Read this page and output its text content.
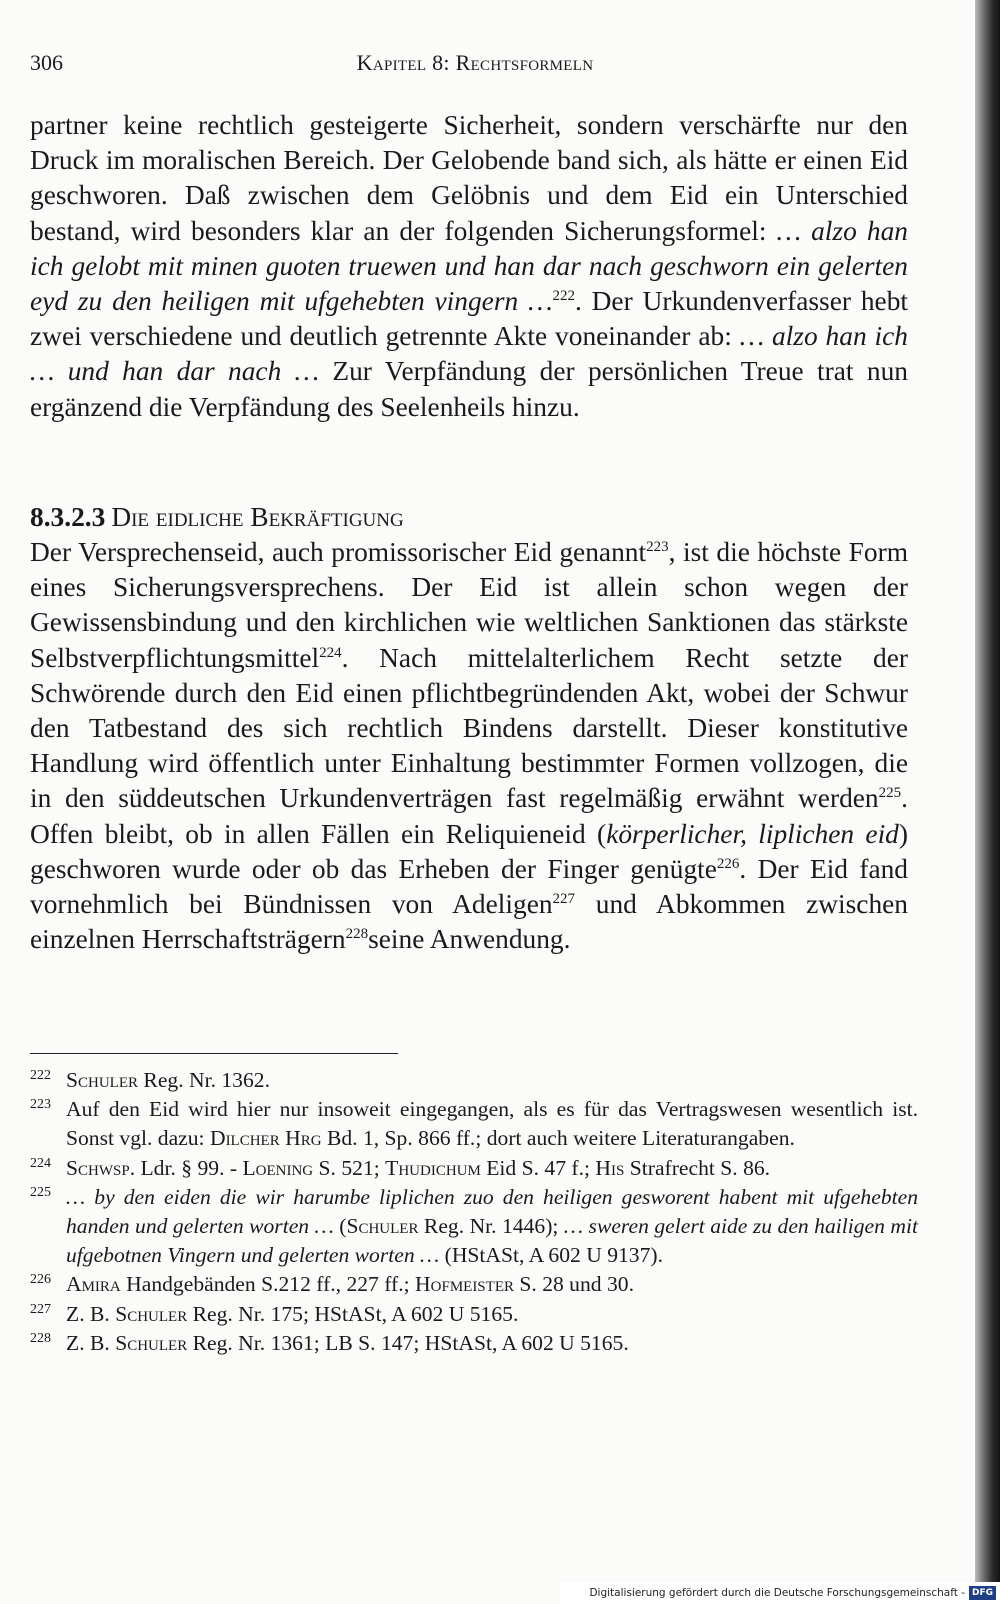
306	Kapitel 8: Rechtsformeln

partner keine rechtlich gesteigerte Sicherheit, sondern verschärfte nur den Druck im moralischen Bereich. Der Gelobende band sich, als hätte er einen Eid geschworen. Daß zwischen dem Gelöbnis und dem Eid ein Unterschied bestand, wird besonders klar an der folgenden Sicherungsformel: … alzo han ich gelobt mit minen guoten truewen und han dar nach geschworn ein gelerten eyd zu den heiligen mit ufgehebten vingern …$^{222}$. Der Urkundenverfasser hebt zwei verschiedene und deutlich getrennte Akte voneinander ab: … alzo han ich … und han dar nach … Zur Verpfändung der persönlichen Treue trat nun ergänzend die Verpfändung des Seelenheils hinzu.

8.3.2.3 Die eidliche Bekräftigung

Der Versprechenseid, auch promissorischer Eid genannt$^{223}$, ist die höchste Form eines Sicherungsversprechens. Der Eid ist allein schon wegen der Gewissensbindung und den kirchlichen wie weltlichen Sanktionen das stärkste Selbstverpflichtungsmittel$^{224}$. Nach mittelalterlichem Recht setzte der Schwörende durch den Eid einen pflichtbegründenden Akt, wobei der Schwur den Tatbestand des sich rechtlich Bindens darstellt. Dieser konstitutive Handlung wird öffentlich unter Einhaltung bestimmter Formen vollzogen, die in den süddeutschen Urkundenverträgen fast regelmäßig erwähnt werden$^{225}$. Offen bleibt, ob in allen Fällen ein Reliquieneid (körperlicher, liplichen eid) geschworen wurde oder ob das Erheben der Finger genügte$^{226}$. Der Eid fand vornehmlich bei Bündnissen von Adeligen$^{227}$ und Abkommen zwischen einzelnen Herrschaftsträgern$^{228}$seine Anwendung.

222 Schuler Reg. Nr. 1362.
223 Auf den Eid wird hier nur insoweit eingegangen, als es für das Vertragswesen wesentlich ist. Sonst vgl. dazu: Dilcher Hrg Bd. 1, Sp. 866 ff.; dort auch weitere Literaturangaben.
224 Schwsp. Ldr. § 99. - Loening S. 521; Thudichum Eid S. 47 f.; His Strafrecht S. 86.
225 … by den eiden die wir harumbe liplichen zuo den heiligen gesworent habent mit ufgehebten handen und gelerten worten … (Schuler Reg. Nr. 1446); … sweren gelert aide zu den hailigen mit ufgebotnen Vingern und gelerten worten … (HStASt, A 602 U 9137).
226 Amira Handgebänden S.212 ff., 227 ff.; Hofmeister S. 28 und 30.
227 Z. B. Schuler Reg. Nr. 175; HStASt, A 602 U 5165.
228 Z. B. Schuler Reg. Nr. 1361; LB S. 147; HStASt, A 602 U 5165.
Digitalisierung gefördert durch die Deutsche Forschungsgemeinschaft - DFG
